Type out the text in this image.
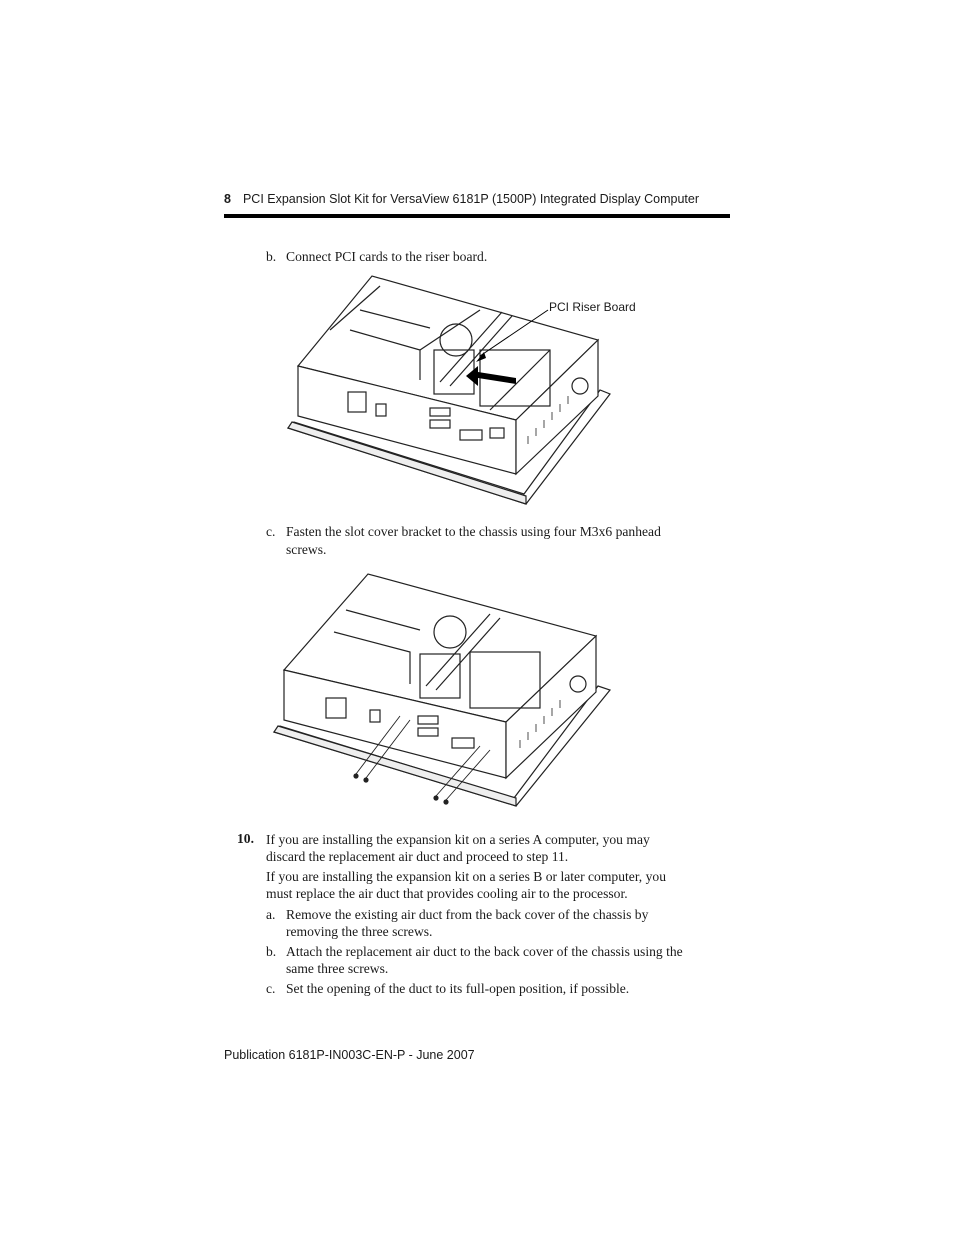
8 PCI Expansion Slot Kit for VersaView 6181P (1500P) Integrated Display Computer
b. Connect PCI cards to the riser board.
PCI Riser Board
c. Fasten the slot cover bracket to the chassis using four M3x6 panhead
screws.
10. If you are installing the expansion kit on a series A computer, you may
discard the replacement air duct and proceed to step 11.
If you are installing the expansion kit on a series B or later computer, you
must replace the air duct that provides cooling air to the processor.
a. Remove the existing air duct from the back cover of the chassis by
removing the three screws.
b. Attach the replacement air duct to the back cover of the chassis using the
same three screws.
c. Set the opening of the duct to its full-open position, if possible.
Publication 6181P-IN003C-EN-P - June 2007
